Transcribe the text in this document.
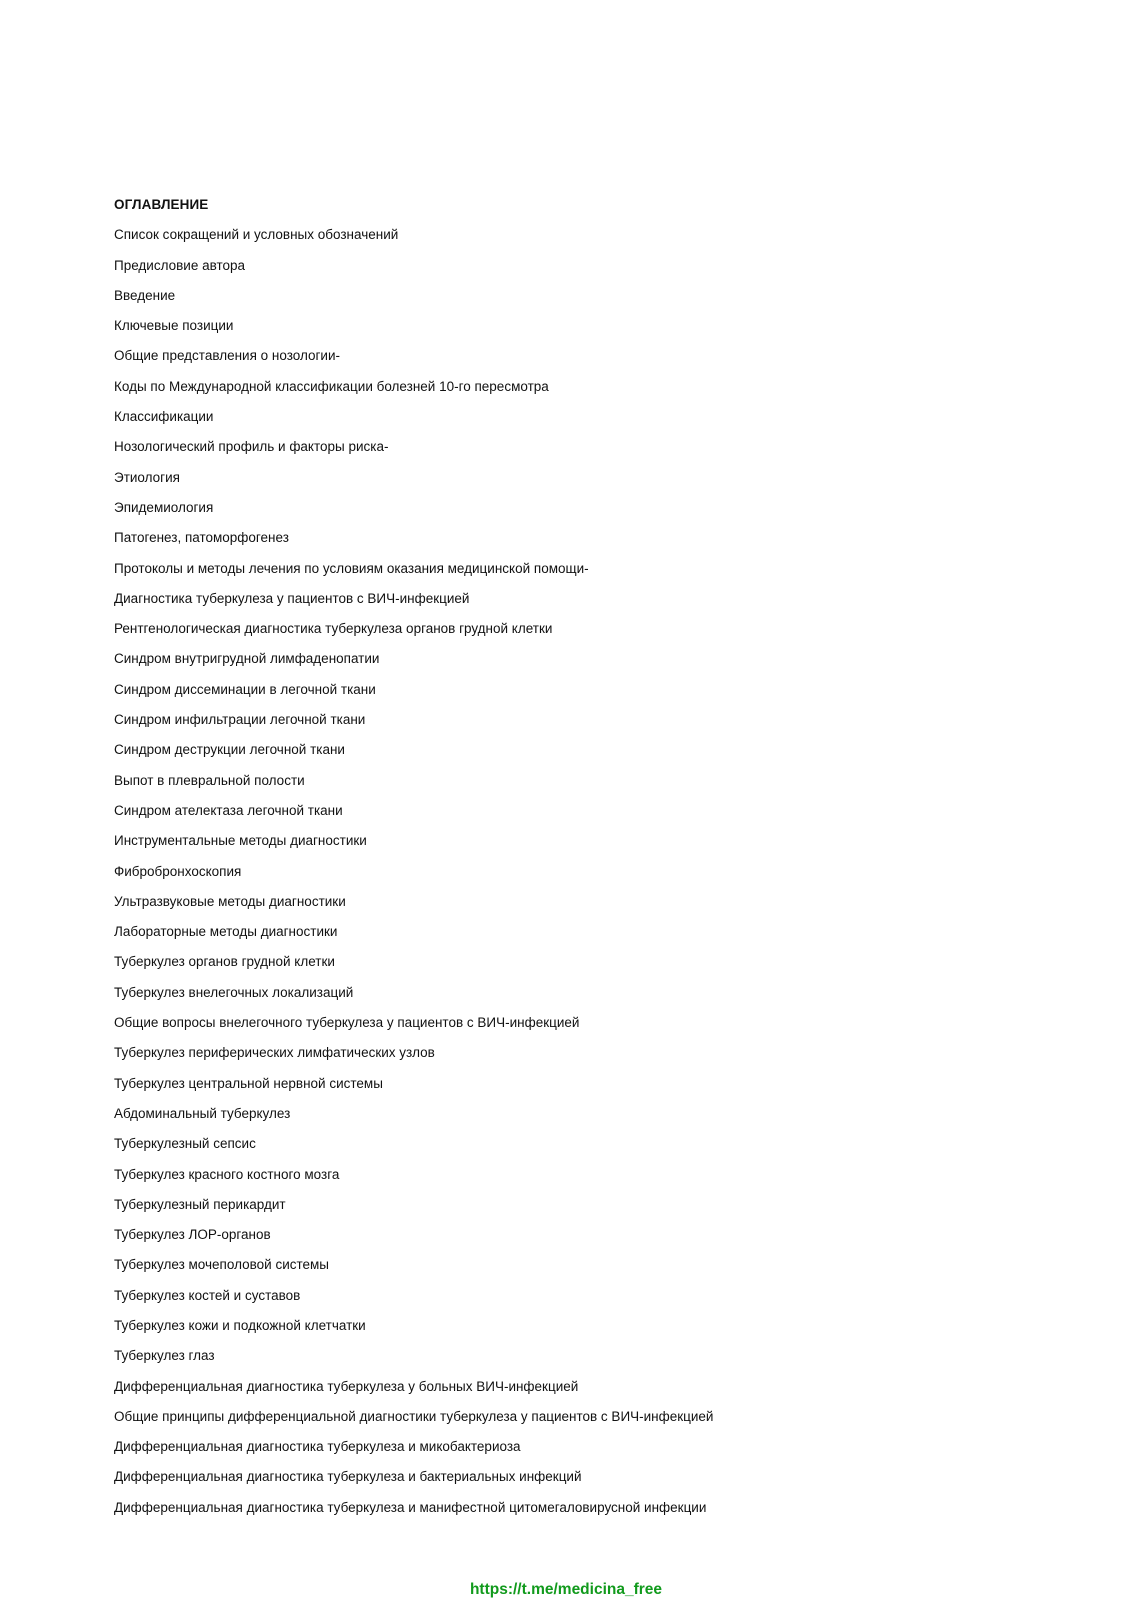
ОГЛАВЛЕНИЕ
Список сокращений и условных обозначений
Предисловие автора
Введение
Ключевые позиции
Общие представления о нозологии-
Коды по Международной классификации болезней 10-го пересмотра
Классификации
Нозологический профиль и факторы риска-
Этиология
Эпидемиология
Патогенез, патоморфогенез
Протоколы и методы лечения по условиям оказания медицинской помощи-
Диагностика туберкулеза у пациентов с ВИЧ-инфекцией
Рентгенологическая диагностика туберкулеза органов грудной клетки
Синдром внутригрудной лимфаденопатии
Синдром диссеминации в легочной ткани
Синдром инфильтрации легочной ткани
Синдром деструкции легочной ткани
Выпот в плевральной полости
Синдром ателектаза легочной ткани
Инструментальные методы диагностики
Фибробронхоскопия
Ультразвуковые методы диагностики
Лабораторные методы диагностики
Туберкулез органов грудной клетки
Туберкулез внелегочных локализаций
Общие вопросы внелегочного туберкулеза у пациентов с ВИЧ-инфекцией
Туберкулез периферических лимфатических узлов
Туберкулез центральной нервной системы
Абдоминальный туберкулез
Туберкулезный сепсис
Туберкулез красного костного мозга
Туберкулезный перикардит
Туберкулез ЛОР-органов
Туберкулез мочеполовой системы
Туберкулез костей и суставов
Туберкулез кожи и подкожной клетчатки
Туберкулез глаз
Дифференциальная диагностика туберкулеза у больных ВИЧ-инфекцией
Общие принципы дифференциальной диагностики туберкулеза у пациентов с ВИЧ-инфекцией
Дифференциальная диагностика туберкулеза и микобактериоза
Дифференциальная диагностика туберкулеза и бактериальных инфекций
Дифференциальная диагностика туберкулеза и манифестной цитомегаловирусной инфекции
https://t.me/medicina_free
